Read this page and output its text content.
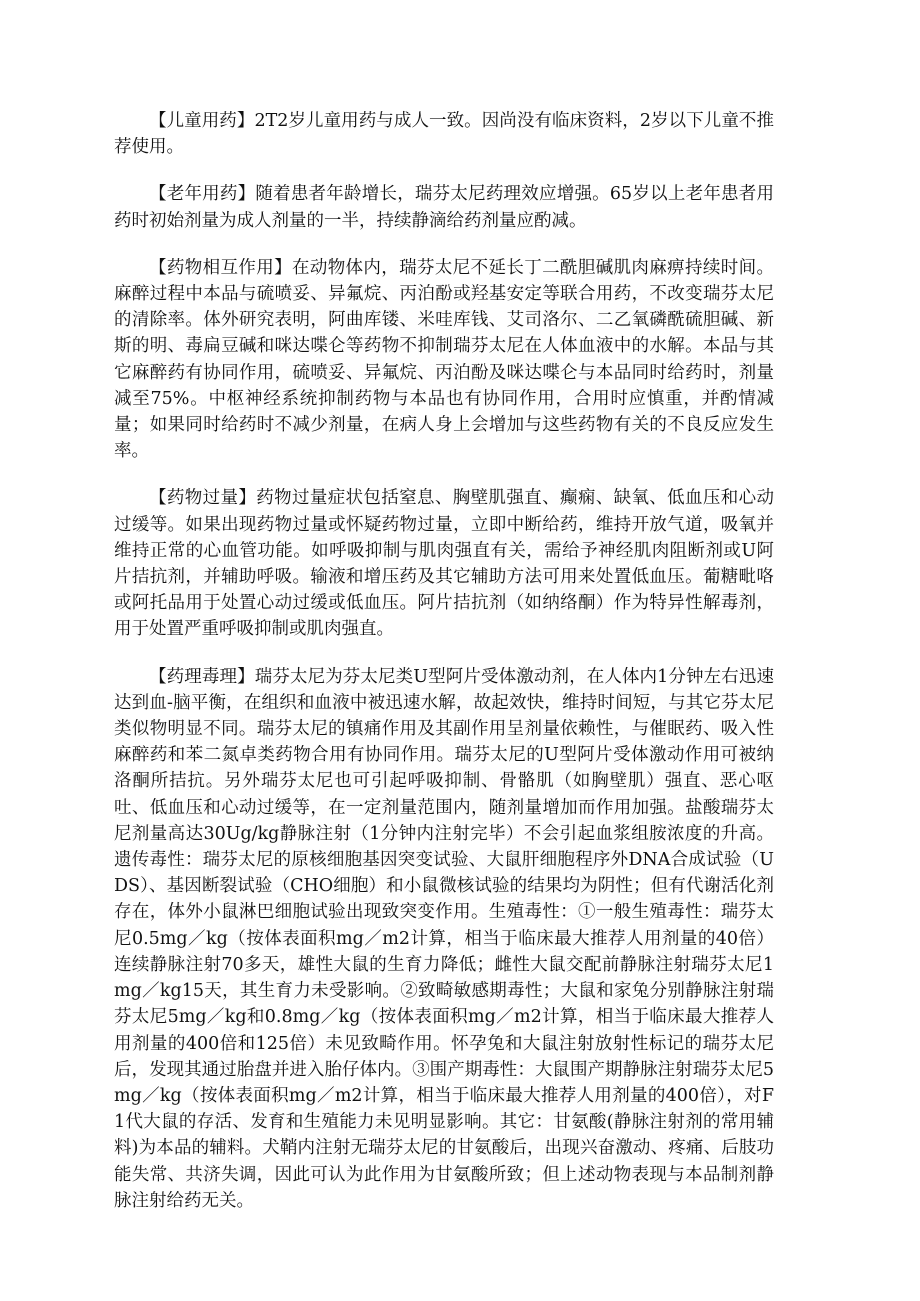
【儿童用药】2T2岁儿童用药与成人一致。因尚没有临床资料，2岁以下儿童不推荐使用。

【老年用药】随着患者年龄增长，瑞芬太尼药理效应增强。65岁以上老年患者用药时初始剂量为成人剂量的一半，持续静滴给药剂量应酌减。

【药物相互作用】在动物体内，瑞芬太尼不延长丁二酰胆碱肌肉麻痹持续时间。麻醉过程中本品与硫喷妥、异氟烷、丙泊酚或羟基安定等联合用药，不改变瑞芬太尼的清除率。体外研究表明，阿曲库镂、米哇库钱、艾司洛尔、二乙氧磷酰硫胆碱、新斯的明、毒扁豆碱和咪达喋仑等药物不抑制瑞芬太尼在人体血液中的水解。本品与其它麻醉药有协同作用，硫喷妥、异氟烷、丙泊酚及咪达喋仑与本品同时给药时，剂量减至75%。中枢神经系统抑制药物与本品也有协同作用，合用时应慎重，并酌情减量；如果同时给药时不减少剂量，在病人身上会增加与这些药物有关的不良反应发生率。

【药物过量】药物过量症状包括窒息、胸壁肌强直、癫痫、缺氧、低血压和心动过缓等。如果出现药物过量或怀疑药物过量，立即中断给药，维持开放气道，吸氧并维持正常的心血管功能。如呼吸抑制与肌肉强直有关，需给予神经肌肉阻断剂或U阿片拮抗剂，并辅助呼吸。输液和增压药及其它辅助方法可用来处置低血压。葡糖毗咯或阿托品用于处置心动过缓或低血压。阿片拮抗剂（如纳络酮）作为特异性解毒剂，用于处置严重呼吸抑制或肌肉强直。

【药理毒理】瑞芬太尼为芬太尼类U型阿片受体激动剂，在人体内1分钟左右迅速达到血-脑平衡，在组织和血液中被迅速水解，故起效快，维持时间短，与其它芬太尼类似物明显不同。瑞芬太尼的镇痛作用及其副作用呈剂量依赖性，与催眠药、吸入性麻醉药和苯二氮卓类药物合用有协同作用。瑞芬太尼的U型阿片受体激动作用可被纳洛酮所拮抗。另外瑞芬太尼也可引起呼吸抑制、骨骼肌（如胸壁肌）强直、恶心呕吐、低血压和心动过缓等，在一定剂量范围内，随剂量增加而作用加强。盐酸瑞芬太尼剂量高达30Ug/kg静脉注射（1分钟内注射完毕）不会引起血浆组胺浓度的升高。遗传毒性：瑞芬太尼的原核细胞基因突变试验、大鼠肝细胞程序外DNA合成试验（UDS）、基因断裂试验（CHO细胞）和小鼠微核试验的结果均为阴性；但有代谢活化剂存在，体外小鼠淋巴细胞试验出现致突变作用。生殖毒性：①一般生殖毒性：瑞芬太尼0.5mg／kg（按体表面积mg／m2计算，相当于临床最大推荐人用剂量的40倍）连续静脉注射70多天，雄性大鼠的生育力降低；雌性大鼠交配前静脉注射瑞芬太尼1mg／kg15天，其生育力未受影响。②致畸敏感期毒性；大鼠和家兔分别静脉注射瑞芬太尼5mg／kg和0.8mg／kg（按体表面积mg／m2计算，相当于临床最大推荐人用剂量的400倍和125倍）未见致畸作用。怀孕兔和大鼠注射放射性标记的瑞芬太尼后，发现其通过胎盘并进入胎仔体内。③围产期毒性：大鼠围产期静脉注射瑞芬太尼5mg／kg（按体表面积mg／m2计算，相当于临床最大推荐人用剂量的400倍），对F1代大鼠的存活、发育和生殖能力未见明显影响。其它：甘氨酸(静脉注射剂的常用辅料)为本品的辅料。犬鞘内注射无瑞芬太尼的甘氨酸后，出现兴奋激动、疼痛、后肢功能失常、共济失调，因此可认为此作用为甘氨酸所致；但上述动物表现与本品制剂静脉注射给药无关。
